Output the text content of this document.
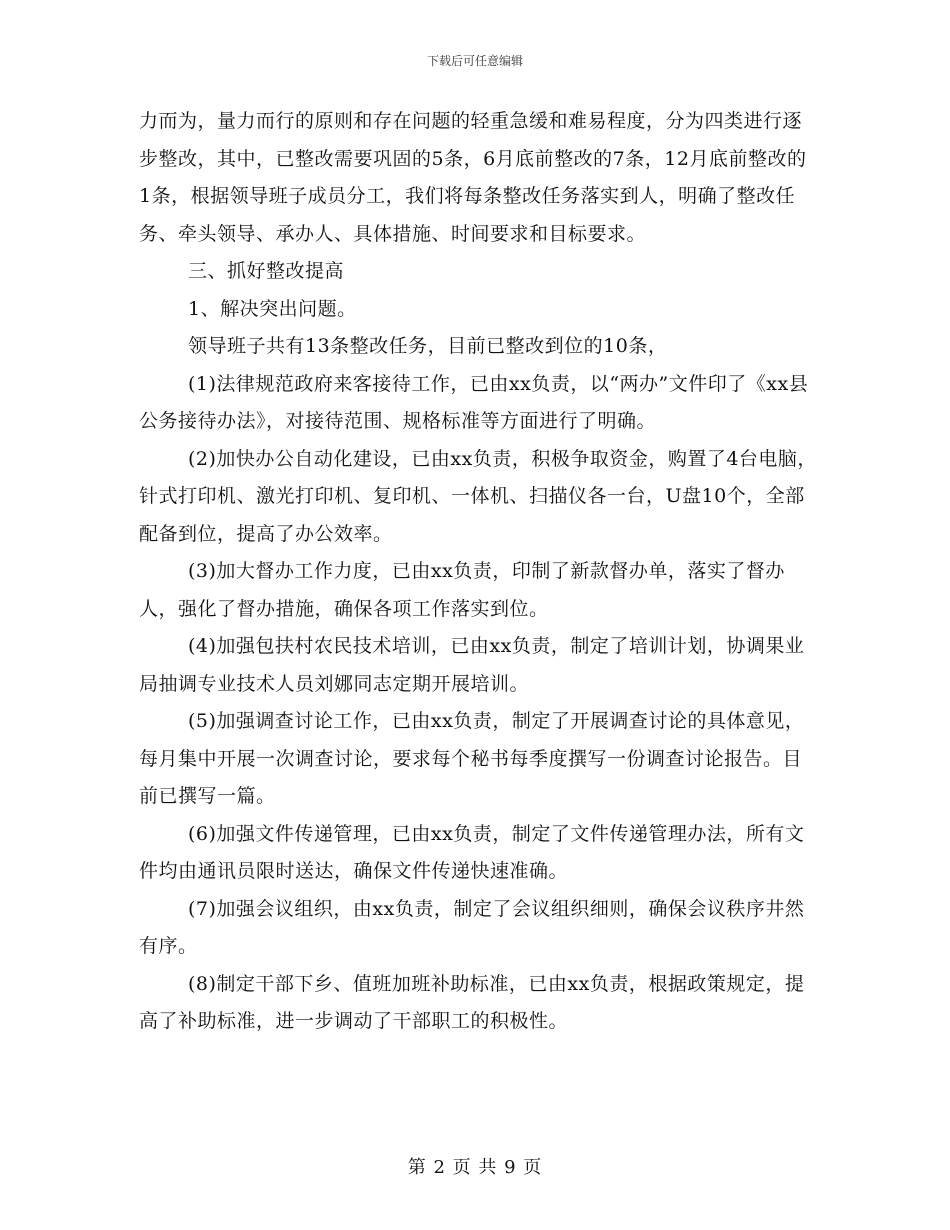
下载后可任意编辑

力而为，量力而行的原则和存在问题的轻重急缓和难易程度，分为四类进行逐步整改，其中，已整改需要巩固的5条，6月底前整改的7条，12月底前整改的1条，根据领导班子成员分工，我们将每条整改任务落实到人，明确了整改任务、牵头领导、承办人、具体措施、时间要求和目标要求。

三、抓好整改提高

1、解决突出问题。

领导班子共有13条整改任务，目前已整改到位的10条，

(1)法律规范政府来客接待工作，已由xx负责，以“两办”文件印了《xx县公务接待办法》，对接待范围、规格标准等方面进行了明确。

(2)加快办公自动化建设，已由xx负责，积极争取资金，购置了4台电脑，针式打印机、激光打印机、复印机、一体机、扫描仪各一台，U盘10个，全部配备到位，提高了办公效率。

(3)加大督办工作力度，已由xx负责，印制了新款督办单，落实了督办人，强化了督办措施，确保各项工作落实到位。

(4)加强包扶村农民技术培训，已由xx负责，制定了培训计划，协调果业局抽调专业技术人员刘娜同志定期开展培训。

(5)加强调查讨论工作，已由xx负责，制定了开展调查讨论的具体意见，每月集中开展一次调查讨论，要求每个秘书每季度撰写一份调查讨论报告。目前已撰写一篇。

(6)加强文件传递管理，已由xx负责，制定了文件传递管理办法，所有文件均由通讯员限时送达，确保文件传递快速准确。

(7)加强会议组织，由xx负责，制定了会议组织细则，确保会议秩序井然有序。

(8)制定干部下乡、值班加班补助标准，已由xx负责，根据政策规定，提高了补助标准，进一步调动了干部职工的积极性。

第 2 页 共 9 页
